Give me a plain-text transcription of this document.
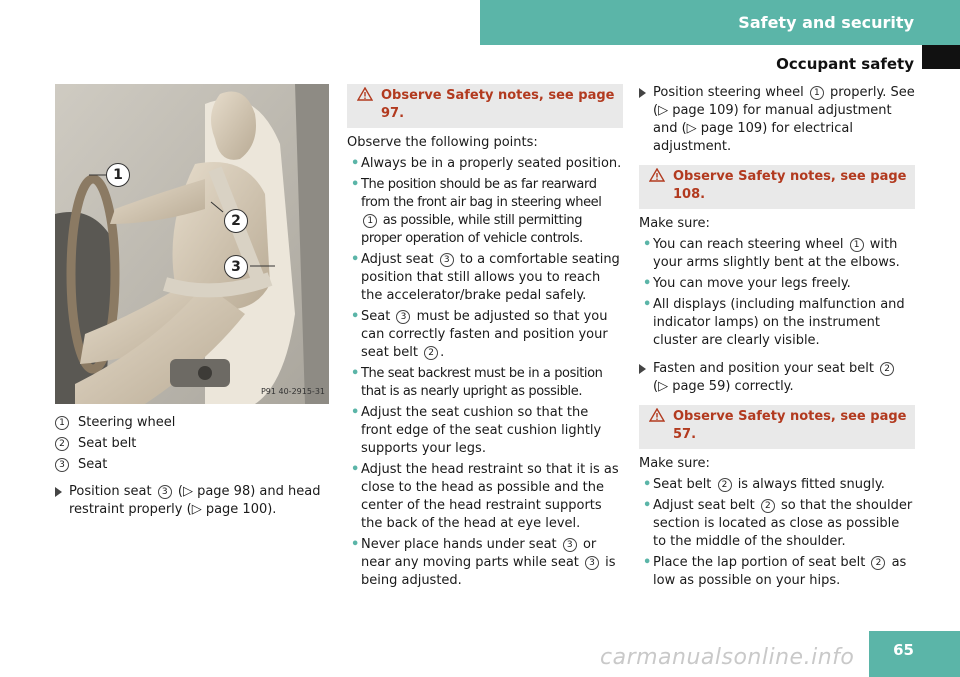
Safety and security
Occupant safety
1
2
3
P91 40-2915-31
1	Steering wheel
2	Seat belt
3	Seat
Position seat 3 (▷ page 98) and head restraint properly (▷ page 100).
Observe Safety notes, see page 97.
Observe the following points:
• Always be in a properly seated position.
• The position should be as far rearward from the front air bag in steering wheel 1 as possible, while still permitting proper operation of vehicle controls.
• Adjust seat 3 to a comfortable seating position that still allows you to reach the accelerator/brake pedal safely.
• Seat 3 must be adjusted so that you can correctly fasten and position your seat belt 2 .
• The seat backrest must be in a position that is as nearly upright as possible.
• Adjust the seat cushion so that the front edge of the seat cushion lightly supports your legs.
• Adjust the head restraint so that it is as close to the head as possible and the center of the head restraint supports the back of the head at eye level.
• Never place hands under seat 3 or near any moving parts while seat 3 is being adjusted.
Position steering wheel 1 properly. See (▷ page 109) for manual adjustment and (▷ page 109) for electrical adjustment.
Observe Safety notes, see page 108.
Make sure:
• You can reach steering wheel 1 with your arms slightly bent at the elbows.
• You can move your legs freely.
• All displays (including malfunction and indicator lamps) on the instrument cluster are clearly visible.
Fasten and position your seat belt 2 (▷ page 59) correctly.
Observe Safety notes, see page 57.
Make sure:
• Seat belt 2 is always fitted snugly.
• Adjust seat belt 2 so that the shoulder section is located as close as possible to the middle of the shoulder.
• Place the lap portion of seat belt 2 as low as possible on your hips.
carmanualsonline.info	65
